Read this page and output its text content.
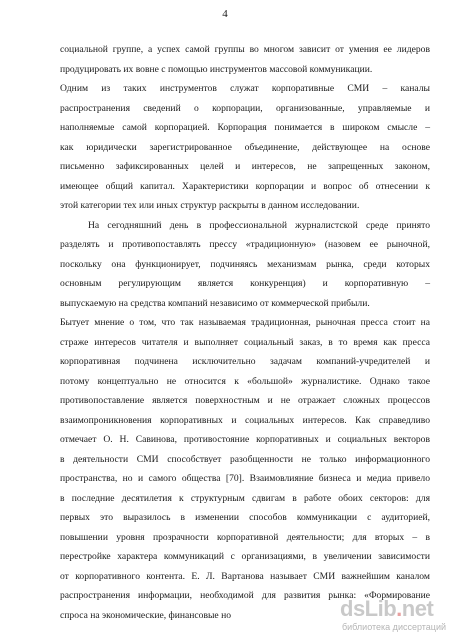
4
социальной группе, а успех самой группы во многом зависит от умения ее лидеров
продуцировать их вовне с помощью инструментов массовой коммуникации.
Одним из таких инструментов служат корпоративные СМИ – каналы
распространения сведений о корпорации, организованные, управляемые и
наполняемые самой корпорацией. Корпорация понимается в широком смысле –
как юридически зарегистрированное объединение, действующее на основе
письменно зафиксированных целей и интересов, не запрещенных законом,
имеющее общий капитал. Характеристики корпорации и вопрос об отнесении к
этой категории тех или иных структур раскрыты в данном исследовании.
На сегодняшний день в профессиональной журналистской среде принято
разделять и противопоставлять прессу «традиционную» (назовем ее рыночной,
поскольку она функционирует, подчиняясь механизмам рынка, среди которых
основным регулирующим является конкуренция) и корпоративную –
выпускаемую на средства компаний независимо от коммерческой прибыли.
Бытует мнение о том, что так называемая традиционная, рыночная пресса стоит на
страже интересов читателя и выполняет социальный заказ, в то время как пресса
корпоративная подчинена исключительно задачам компаний-учредителей и
потому концептуально не относится к «большой» журналистике. Однако такое
противопоставление является поверхностным и не отражает сложных процессов
взаимопроникновения корпоративных и социальных интересов. Как справедливо
отмечает О. Н. Савинова, противостояние корпоративных и социальных векторов
в деятельности СМИ способствует разобщенности не только информационного
пространства, но и самого общества [70]. Взаимовлияние бизнеса и медиа привело
в последние десятилетия к структурным сдвигам в работе обоих секторов: для
первых это выразилось в изменении способов коммуникации с аудиторией,
повышении уровня прозрачности корпоративной деятельности; для вторых – в
перестройке характера коммуникаций с организациями, в увеличении зависимости
от корпоративного контента. Е. Л. Вартанова называет СМИ важнейшим каналом
распространения информации, необходимой для развития рынка: «Формирование
спроса на экономические, финансовые но	dsLib.net
библиотека диссертаций
